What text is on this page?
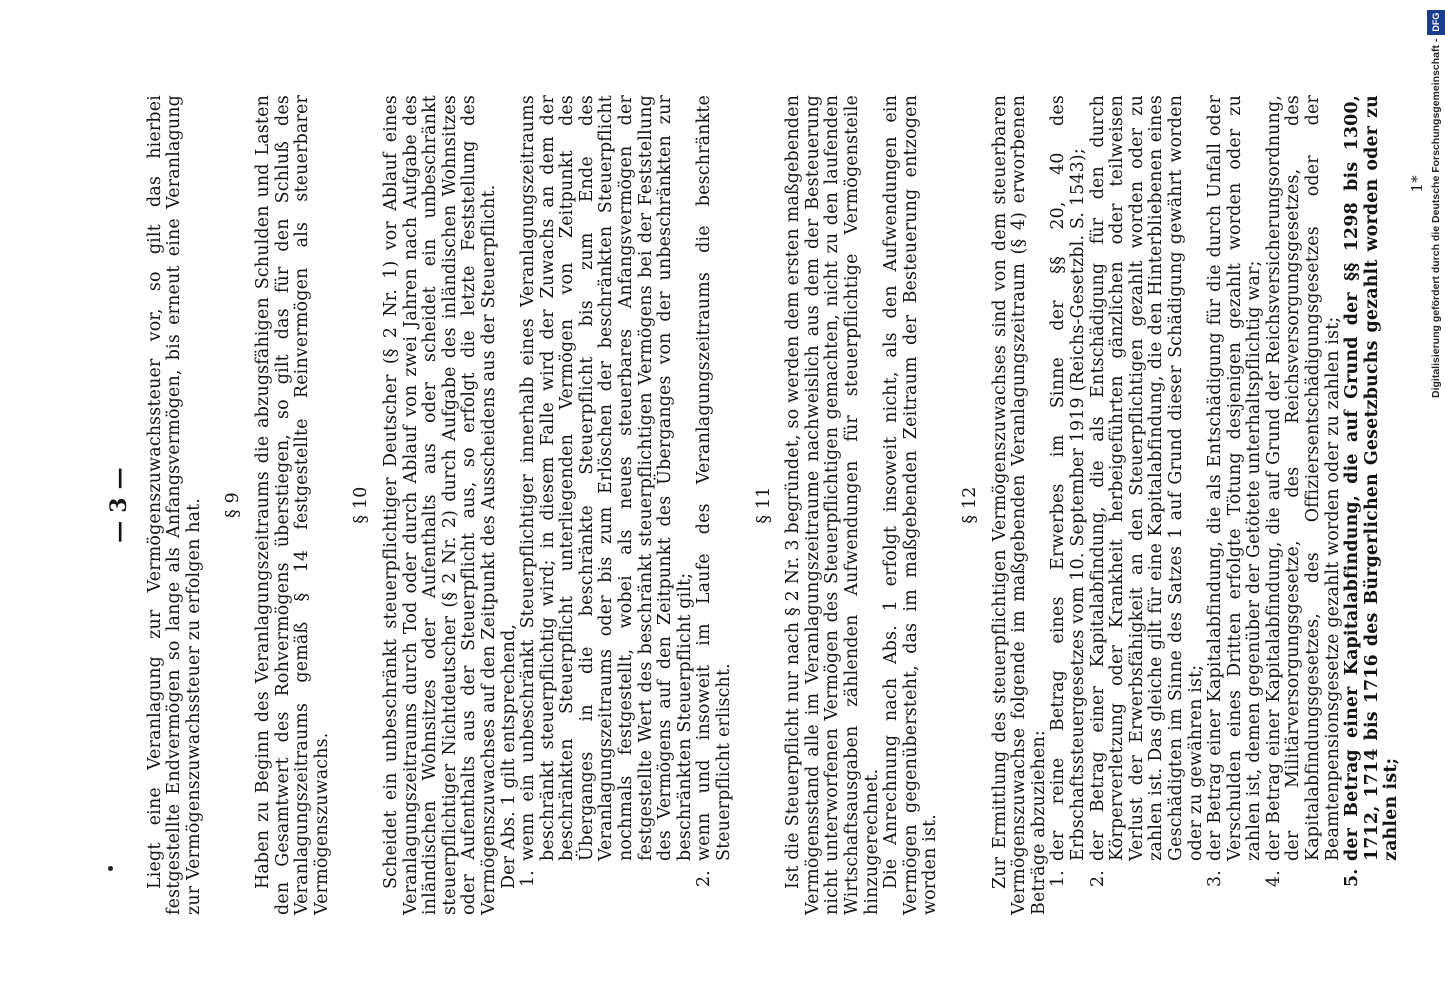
— 3 — Liegt eine Veranlagung zur Vermögenszuwachssteuer vor, so gilt das hierbei festgestellte Endvermögen so lange als Anfangsvermögen, bis erneut eine Veranlagung zur Vermögenszuwachssteuer zu erfolgen hat. § 9 Haben zu Beginn des Veranlagungszeitraums die abzugsfähigen Schulden und Lasten den Gesamtwert des Rohvermögens überstiegen, so gilt das für den Schluß des Veranlagungszeitraums gemäß § 14 festgestellte Reinvermögen als steuerbarer Vermögenszuwachs.

§ 10 Scheidet ein unbeschränkt steuerpflichtiger Deutscher (§ 2 Nr. 1) vor Ablauf eines Veranlagungszeitraums durch Tod oder durch Ablauf von zwei Jahren nach Aufgabe des inländischen Wohnsitzes oder Aufenthalts aus oder scheidet ein unbeschränkt steuerpflichtiger Nichtdeutscher (§ 2 Nr. 2) durch Aufgabe des inländischen Wohnsitzes oder Aufenthalts aus der Steuerpflicht aus, so erfolgt die letzte Feststellung des Vermögenszuwachses auf den Zeitpunkt des Ausscheidens aus der Steuerpflicht. Der Abs. 1 gilt entsprechend, 1.
wenn ein unbeschränkt Steuerpflichtiger innerhalb eines Veranlagungszeitraums beschränkt steuerpflichtig wird; in diesem Falle wird der Zuwachs an dem der beschränkten Steuerpflicht unterliegenden Vermögen von Zeitpunkt des Überganges in die beschränkte Steuerpflicht bis zum Ende des Veranlagungszeitraums oder bis zum Erlöschen der beschränkten Steuerpflicht nochmals festgestellt, wobei als neues steuerbares Anfangsvermögen der festgestellte Wert des beschränkt steuerpflichtigen Vermögens bei der Feststellung des Vermögens auf den Zeitpunkt des Überganges von der unbeschränkten zur beschränkten Steuerpflicht gilt;
2.
wenn und insoweit im Laufe des Veranlagungszeitraums die beschränkte Steuerpflicht erlischt.
§ 11 Ist die Steuerpflicht nur nach § 2 Nr. 3 begründet, so werden dem ersten maßgebenden Vermögensstand alle im Veranlagungszeitraume nachweislich aus dem der Besteuerung nicht unterworfenen Vermögen des Steuerpflichtigen gemachten, nicht zu den laufenden Wirtschaftsausgaben zählenden Aufwendungen für steuerpflichtige Vermögensteile hinzugerechnet. Die Anrechnung nach Abs. 1 erfolgt insoweit nicht, als den Aufwendungen ein Vermögen gegenübersteht, das im maßgebenden Zeitraum der Besteuerung entzogen worden ist.

§ 12 Zur Ermittlung des steuerpflichtigen Vermögenszuwachses sind von dem steuerbaren Vermögenszuwachse folgende im maßgebenden Veranlagungszeitraum (§ 4) erworbenen Beträge abzuziehen: 1.
der reine Betrag eines Erwerbes im Sinne der §§ 20, 40 des Erbschaftssteuergesetzes vom 10. September 1919 (Reichs-Gesetzbl. S. 1543);
2.
der Betrag einer Kapitalabfindung, die als Entschädigung für den durch Körperverletzung oder Krankheit herbeigeführten gänzlichen oder teilweisen Verlust der Erwerbsfähigkeit an den Steuerpflichtigen gezahlt worden oder zu zahlen ist. Das gleiche gilt für eine Kapitalabfindung, die den Hinterbliebenen eines Geschädigten im Sinne des Satzes 1 auf Grund dieser Schädigung gewährt worden oder zu gewähren ist;
3.
der Betrag einer Kapitalabfindung, die als Entschädigung für die durch Unfall oder Verschulden eines Dritten erfolgte Tötung desjenigen gezahlt worden oder zu zahlen ist, demen gegenüber der Getötete unterhaltspflichtig war;
4.
der Betrag einer Kapitalabfindung, die auf Grund der Reichsversicherungsordnung, der Militärversorgungsgesetze, des Reichsversorgungsgesetzes, des Kapitalabfindungsgesetzes, des Offiziersentschädigungsgesetzes oder der Beamtenpensionsgesetze gezahlt worden oder zu zahlen ist;
5.
der Betrag einer Kapitalabfindung, die auf Grund der §§ 1298 bis 1300, 1712, 1714 bis 1716 des Bürgerlichen Gesetzbuchs gezahlt worden oder zu zahlen ist;
1* Digitalisierung gefördert durch die Deutsche Forschungsgemeinschaft -DFG
